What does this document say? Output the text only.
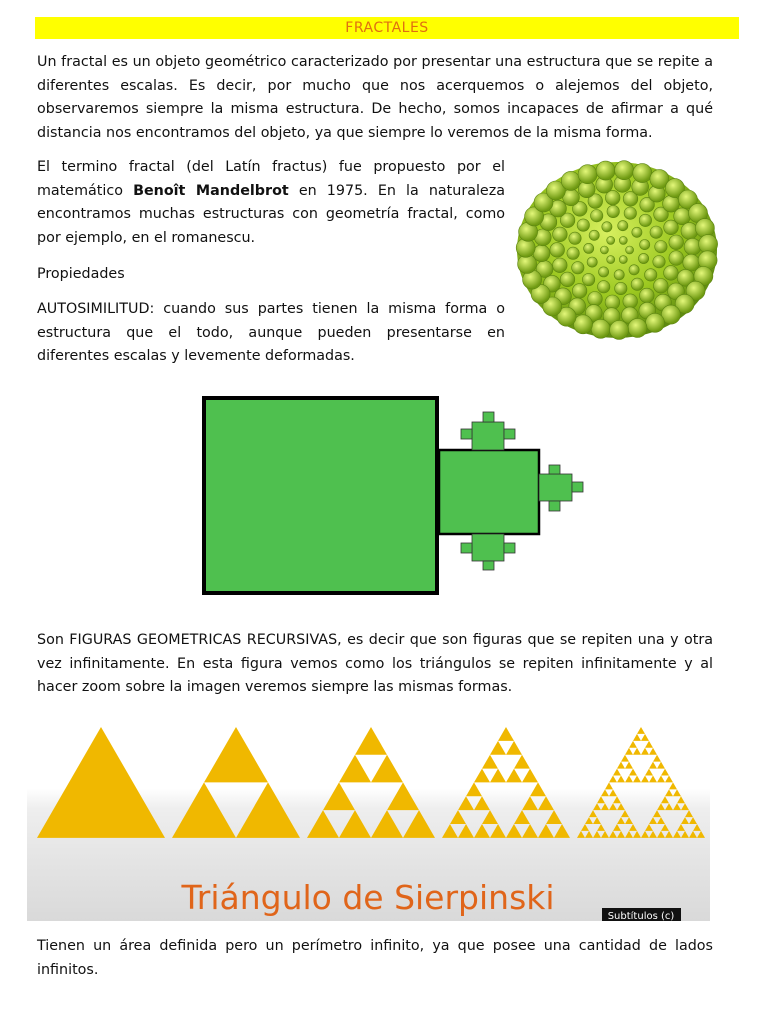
FRACTALES

Un fractal es un objeto geométrico caracterizado por presentar una estructura que se repite a diferentes escalas. Es decir, por mucho que nos acerquemos o alejemos del objeto, observaremos siempre la misma estructura. De hecho, somos incapaces de afirmar a qué distancia nos encontramos del objeto, ya que siempre lo veremos de la misma forma.

El termino fractal (del Latín fractus) fue propuesto por el matemático Benoît Mandelbrot en 1975. En la naturaleza encontramos muchas estructuras con geometría fractal, como por ejemplo, en el romanescu.

Propiedades

AUTOSIMILITUD: cuando sus partes tienen la misma forma o estructura que el todo, aunque pueden presentarse en diferentes escalas y levemente deformadas.

Son FIGURAS GEOMETRICAS RECURSIVAS, es decir que son figuras que se repiten una y otra vez infinitamente. En esta figura vemos como los triángulos se repiten infinitamente y al hacer zoom sobre la imagen veremos siempre las mismas formas.

Triángulo de Sierpinski	Subtítulos (c)

Tienen un área definida pero un perímetro infinito, ya que posee una cantidad de lados infinitos.
